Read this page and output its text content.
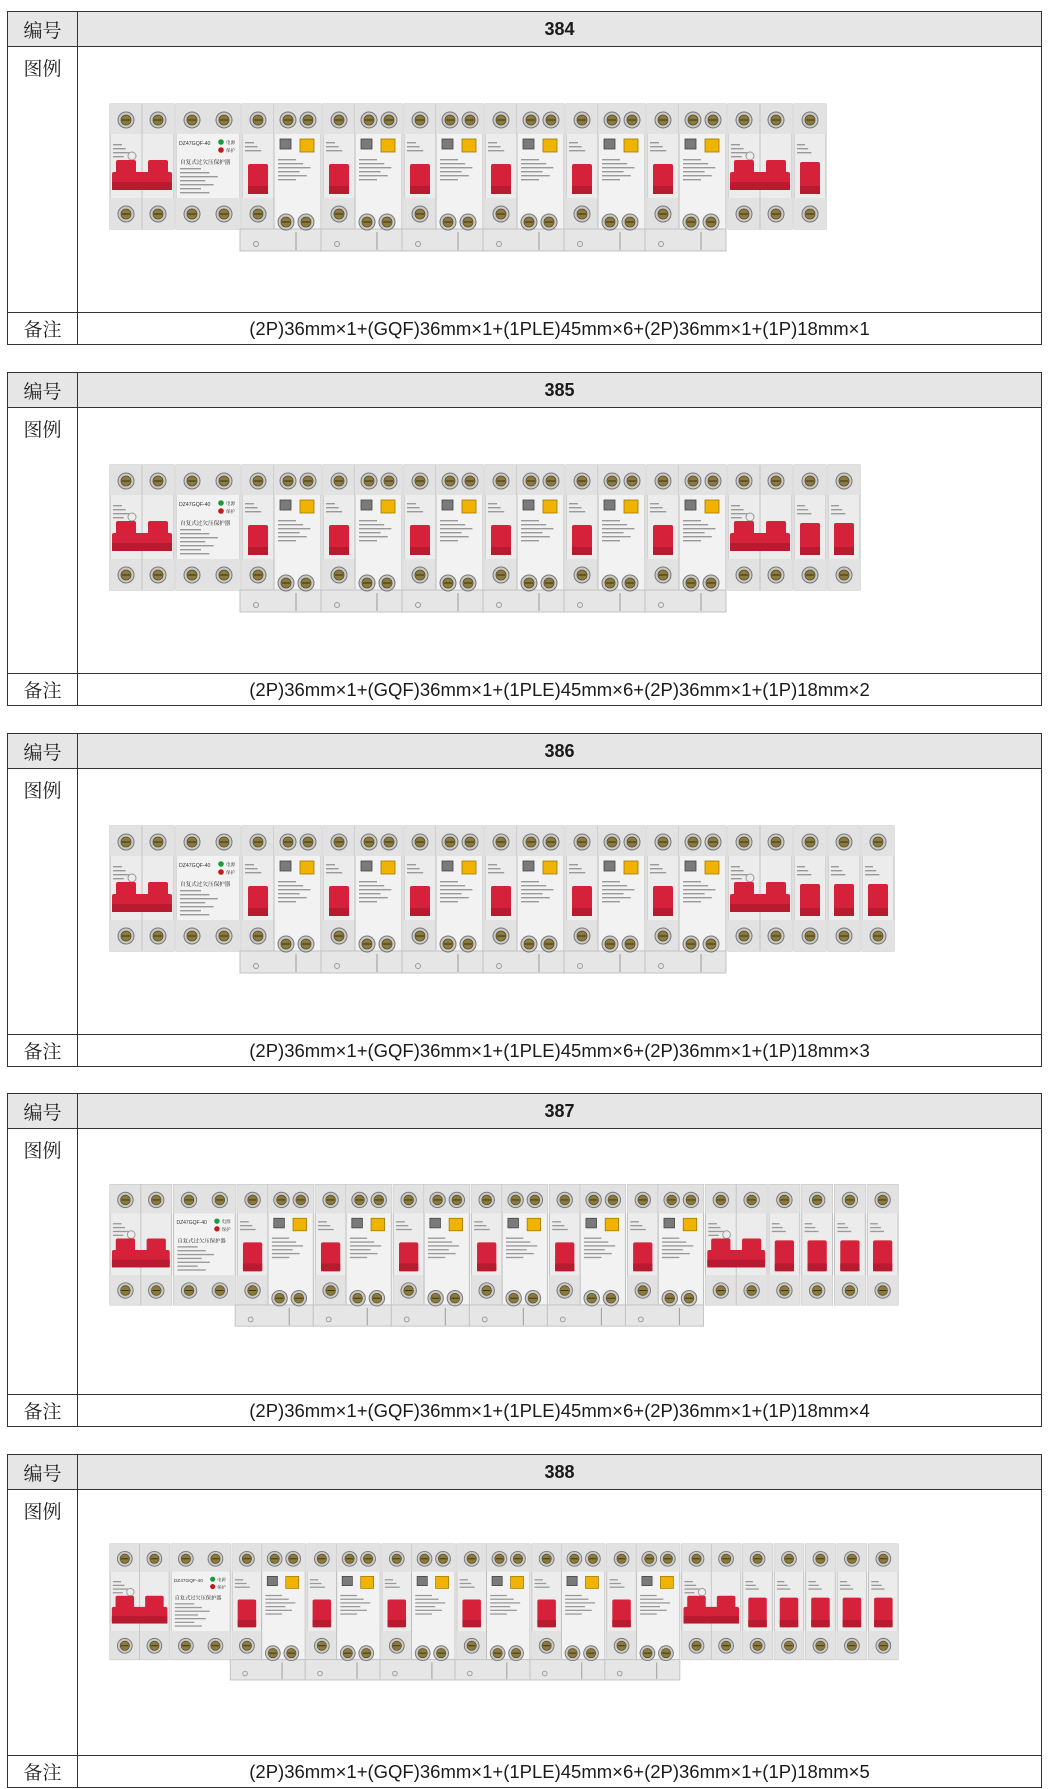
编号	384
图例
DZ47GQF-40	电源
保护
自复式过欠压保护器
备注	(2P)36mm×1+(GQF)36mm×1+(1PLE)45mm×6+(2P)36mm×1+(1P)18mm×1
编号	385
图例
DZ47GQF-40	电源
保护
自复式过欠压保护器
备注	(2P)36mm×1+(GQF)36mm×1+(1PLE)45mm×6+(2P)36mm×1+(1P)18mm×2
编号	386
图例
DZ47GQF-40	电源
保护
自复式过欠压保护器
备注	(2P)36mm×1+(GQF)36mm×1+(1PLE)45mm×6+(2P)36mm×1+(1P)18mm×3
编号	387
图例
DZ47GQF-40	电源
保护
自复式过欠压保护器
备注	(2P)36mm×1+(GQF)36mm×1+(1PLE)45mm×6+(2P)36mm×1+(1P)18mm×4
编号	388
图例
DZ47GQF-40	电源
保护
自复式过欠压保护器
备注	(2P)36mm×1+(GQF)36mm×1+(1PLE)45mm×6+(2P)36mm×1+(1P)18mm×5
